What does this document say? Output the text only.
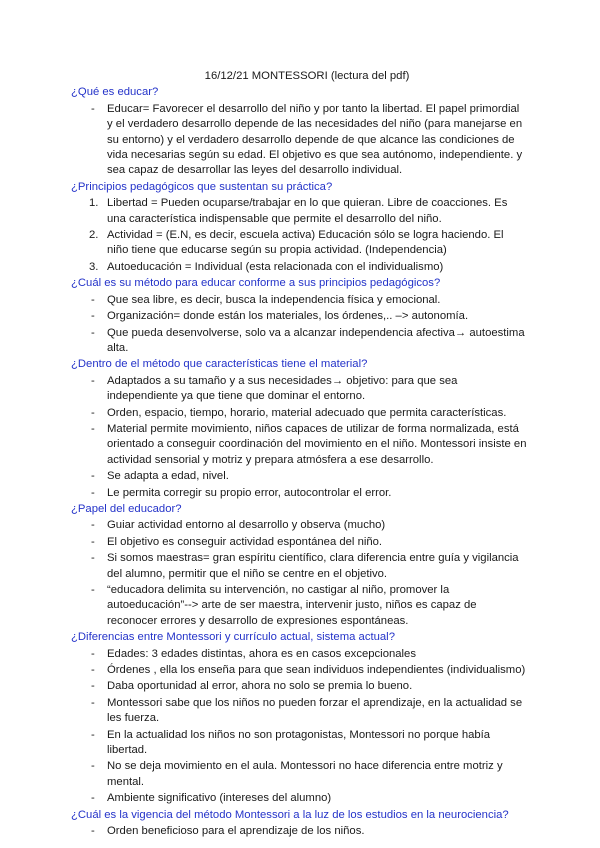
16/12/21 MONTESSORI (lectura del pdf)
¿Qué es educar?
- Educar= Favorecer el desarrollo del niño y por tanto la libertad. El papel primordial y el verdadero desarrollo depende de las necesidades del niño (para manejarse en su entorno) y el verdadero desarrollo depende de que alcance las condiciones de vida necesarias según su edad. El objetivo es que sea autónomo, independiente. y sea capaz de desarrollar las leyes del desarrollo individual.
¿Principios pedagógicos que sustentan su práctica?
1. Libertad = Pueden ocuparse/trabajar en lo que quieran. Libre de coacciones. Es una característica indispensable que permite el desarrollo del niño.
2. Actividad = (E.N, es decir, escuela activa) Educación sólo se logra haciendo. El niño tiene que educarse según su propia actividad. (Independencia)
3. Autoeducación = Individual (esta relacionada con el individualismo)
¿Cuál es su método para educar conforme a sus principios pedagógicos?
- Que sea libre, es decir, busca la independencia física y emocional.
- Organización= donde están los materiales, los órdenes,.. –> autonomía.
- Que pueda desenvolverse, solo va a alcanzar independencia afectiva→ autoestima alta.
¿Dentro de el método que características tiene el material?
- Adaptados a su tamaño y a sus necesidades→ objetivo: para que sea independiente ya que tiene que dominar el entorno.
- Orden, espacio, tiempo, horario, material adecuado que permita características.
- Material permite movimiento, niños capaces de utilizar de forma normalizada, está orientado a conseguir coordinación del movimiento en el niño. Montessori insiste en actividad sensorial y motriz y prepara atmósfera a ese desarrollo.
- Se adapta a edad, nivel.
- Le permita corregir su propio error, autocontrolar el error.
¿Papel del educador?
- Guiar actividad entorno al desarrollo y observa (mucho)
- El objetivo es conseguir actividad espontánea del niño.
- Si somos maestras= gran espíritu científico, clara diferencia entre guía y vigilancia del alumno, permitir que el niño se centre en el objetivo.
- “educadora delimita su intervención, no castigar al niño, promover la autoeducación”--> arte de ser maestra, intervenir justo, niños es capaz de reconocer errores y desarrollo de expresiones espontáneas.
¿Diferencias entre Montessori y currículo actual, sistema actual?
- Edades: 3 edades distintas, ahora es en casos excepcionales
- Órdenes , ella los enseña para que sean individuos independientes (individualismo)
- Daba oportunidad al error, ahora no solo se premia lo bueno.
- Montessori sabe que los niños no pueden forzar el aprendizaje, en la actualidad se les fuerza.
- En la actualidad los niños no son protagonistas, Montessori no porque había libertad.
- No se deja movimiento en el aula. Montessori no hace diferencia entre motriz y mental.
- Ambiente significativo (intereses del alumno)
¿Cuál es la vigencia del método Montessori a la luz de los estudios en la neurociencia?
- Orden beneficioso para el aprendizaje de los niños.
